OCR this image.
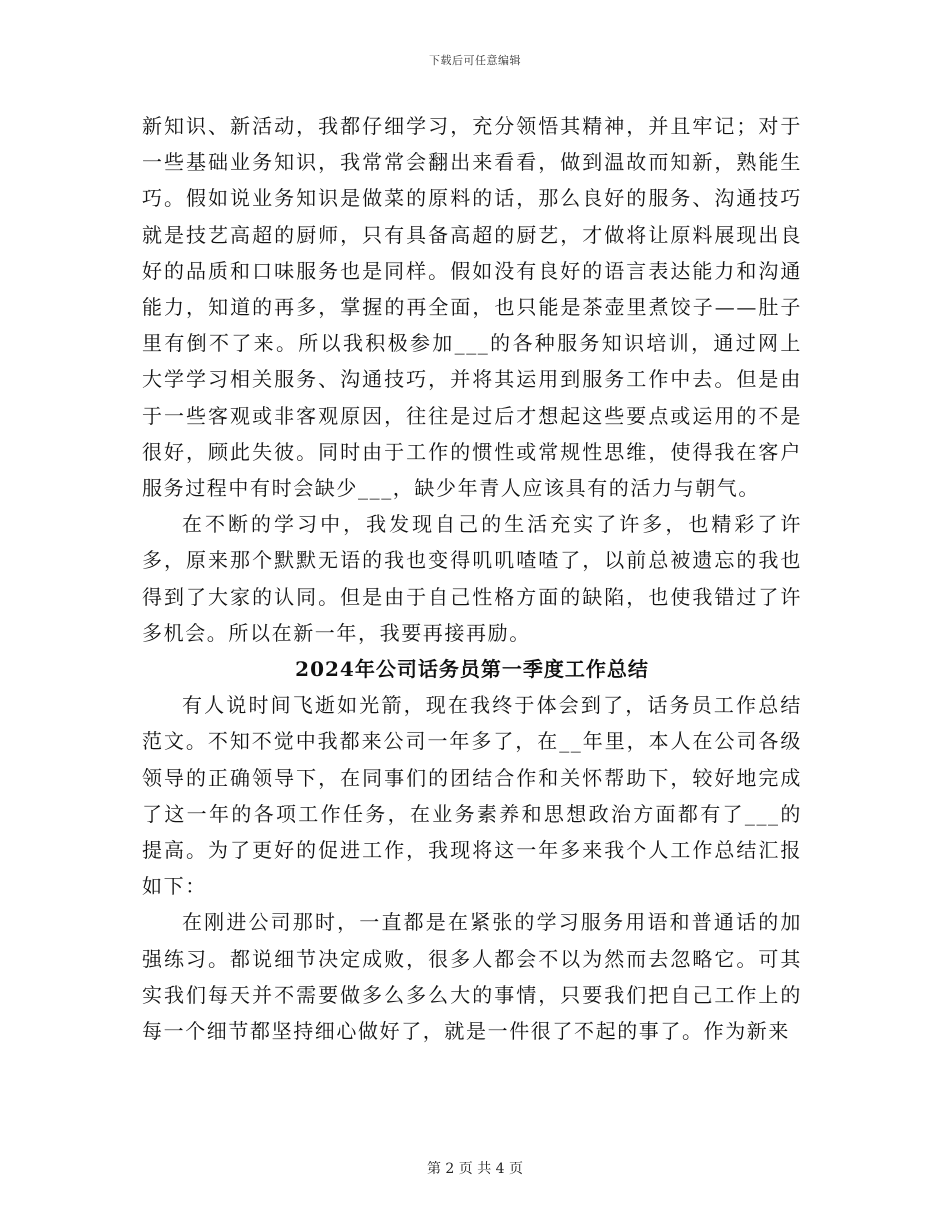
下载后可任意编辑

新知识、新活动，我都仔细学习，充分领悟其精神，并且牢记；对于一些基础业务知识，我常常会翻出来看看，做到温故而知新，熟能生巧。假如说业务知识是做菜的原料的话，那么良好的服务、沟通技巧就是技艺高超的厨师，只有具备高超的厨艺，才做将让原料展现出良好的品质和口味服务也是同样。假如没有良好的语言表达能力和沟通能力，知道的再多，掌握的再全面，也只能是茶壶里煮饺子——肚子里有倒不了来。所以我积极参加___的各种服务知识培训，通过网上大学学习相关服务、沟通技巧，并将其运用到服务工作中去。但是由于一些客观或非客观原因，往往是过后才想起这些要点或运用的不是很好，顾此失彼。同时由于工作的惯性或常规性思维，使得我在客户服务过程中有时会缺少___，缺少年青人应该具有的活力与朝气。

在不断的学习中，我发现自己的生活充实了许多，也精彩了许多，原来那个默默无语的我也变得叽叽喳喳了，以前总被遗忘的我也得到了大家的认同。但是由于自己性格方面的缺陷，也使我错过了许多机会。所以在新一年，我要再接再励。

2024年公司话务员第一季度工作总结

有人说时间飞逝如光箭，现在我终于体会到了，话务员工作总结范文。不知不觉中我都来公司一年多了，在__年里，本人在公司各级领导的正确领导下，在同事们的团结合作和关怀帮助下，较好地完成了这一年的各项工作任务，在业务素养和思想政治方面都有了___的提高。为了更好的促进工作，我现将这一年多来我个人工作总结汇报如下：

在刚进公司那时，一直都是在紧张的学习服务用语和普通话的加强练习。都说细节决定成败，很多人都会不以为然而去忽略它。可其实我们每天并不需要做多么多么大的事情，只要我们把自己工作上的每一个细节都坚持细心做好了，就是一件很了不起的事了。作为新来

第 2 页 共 4 页
